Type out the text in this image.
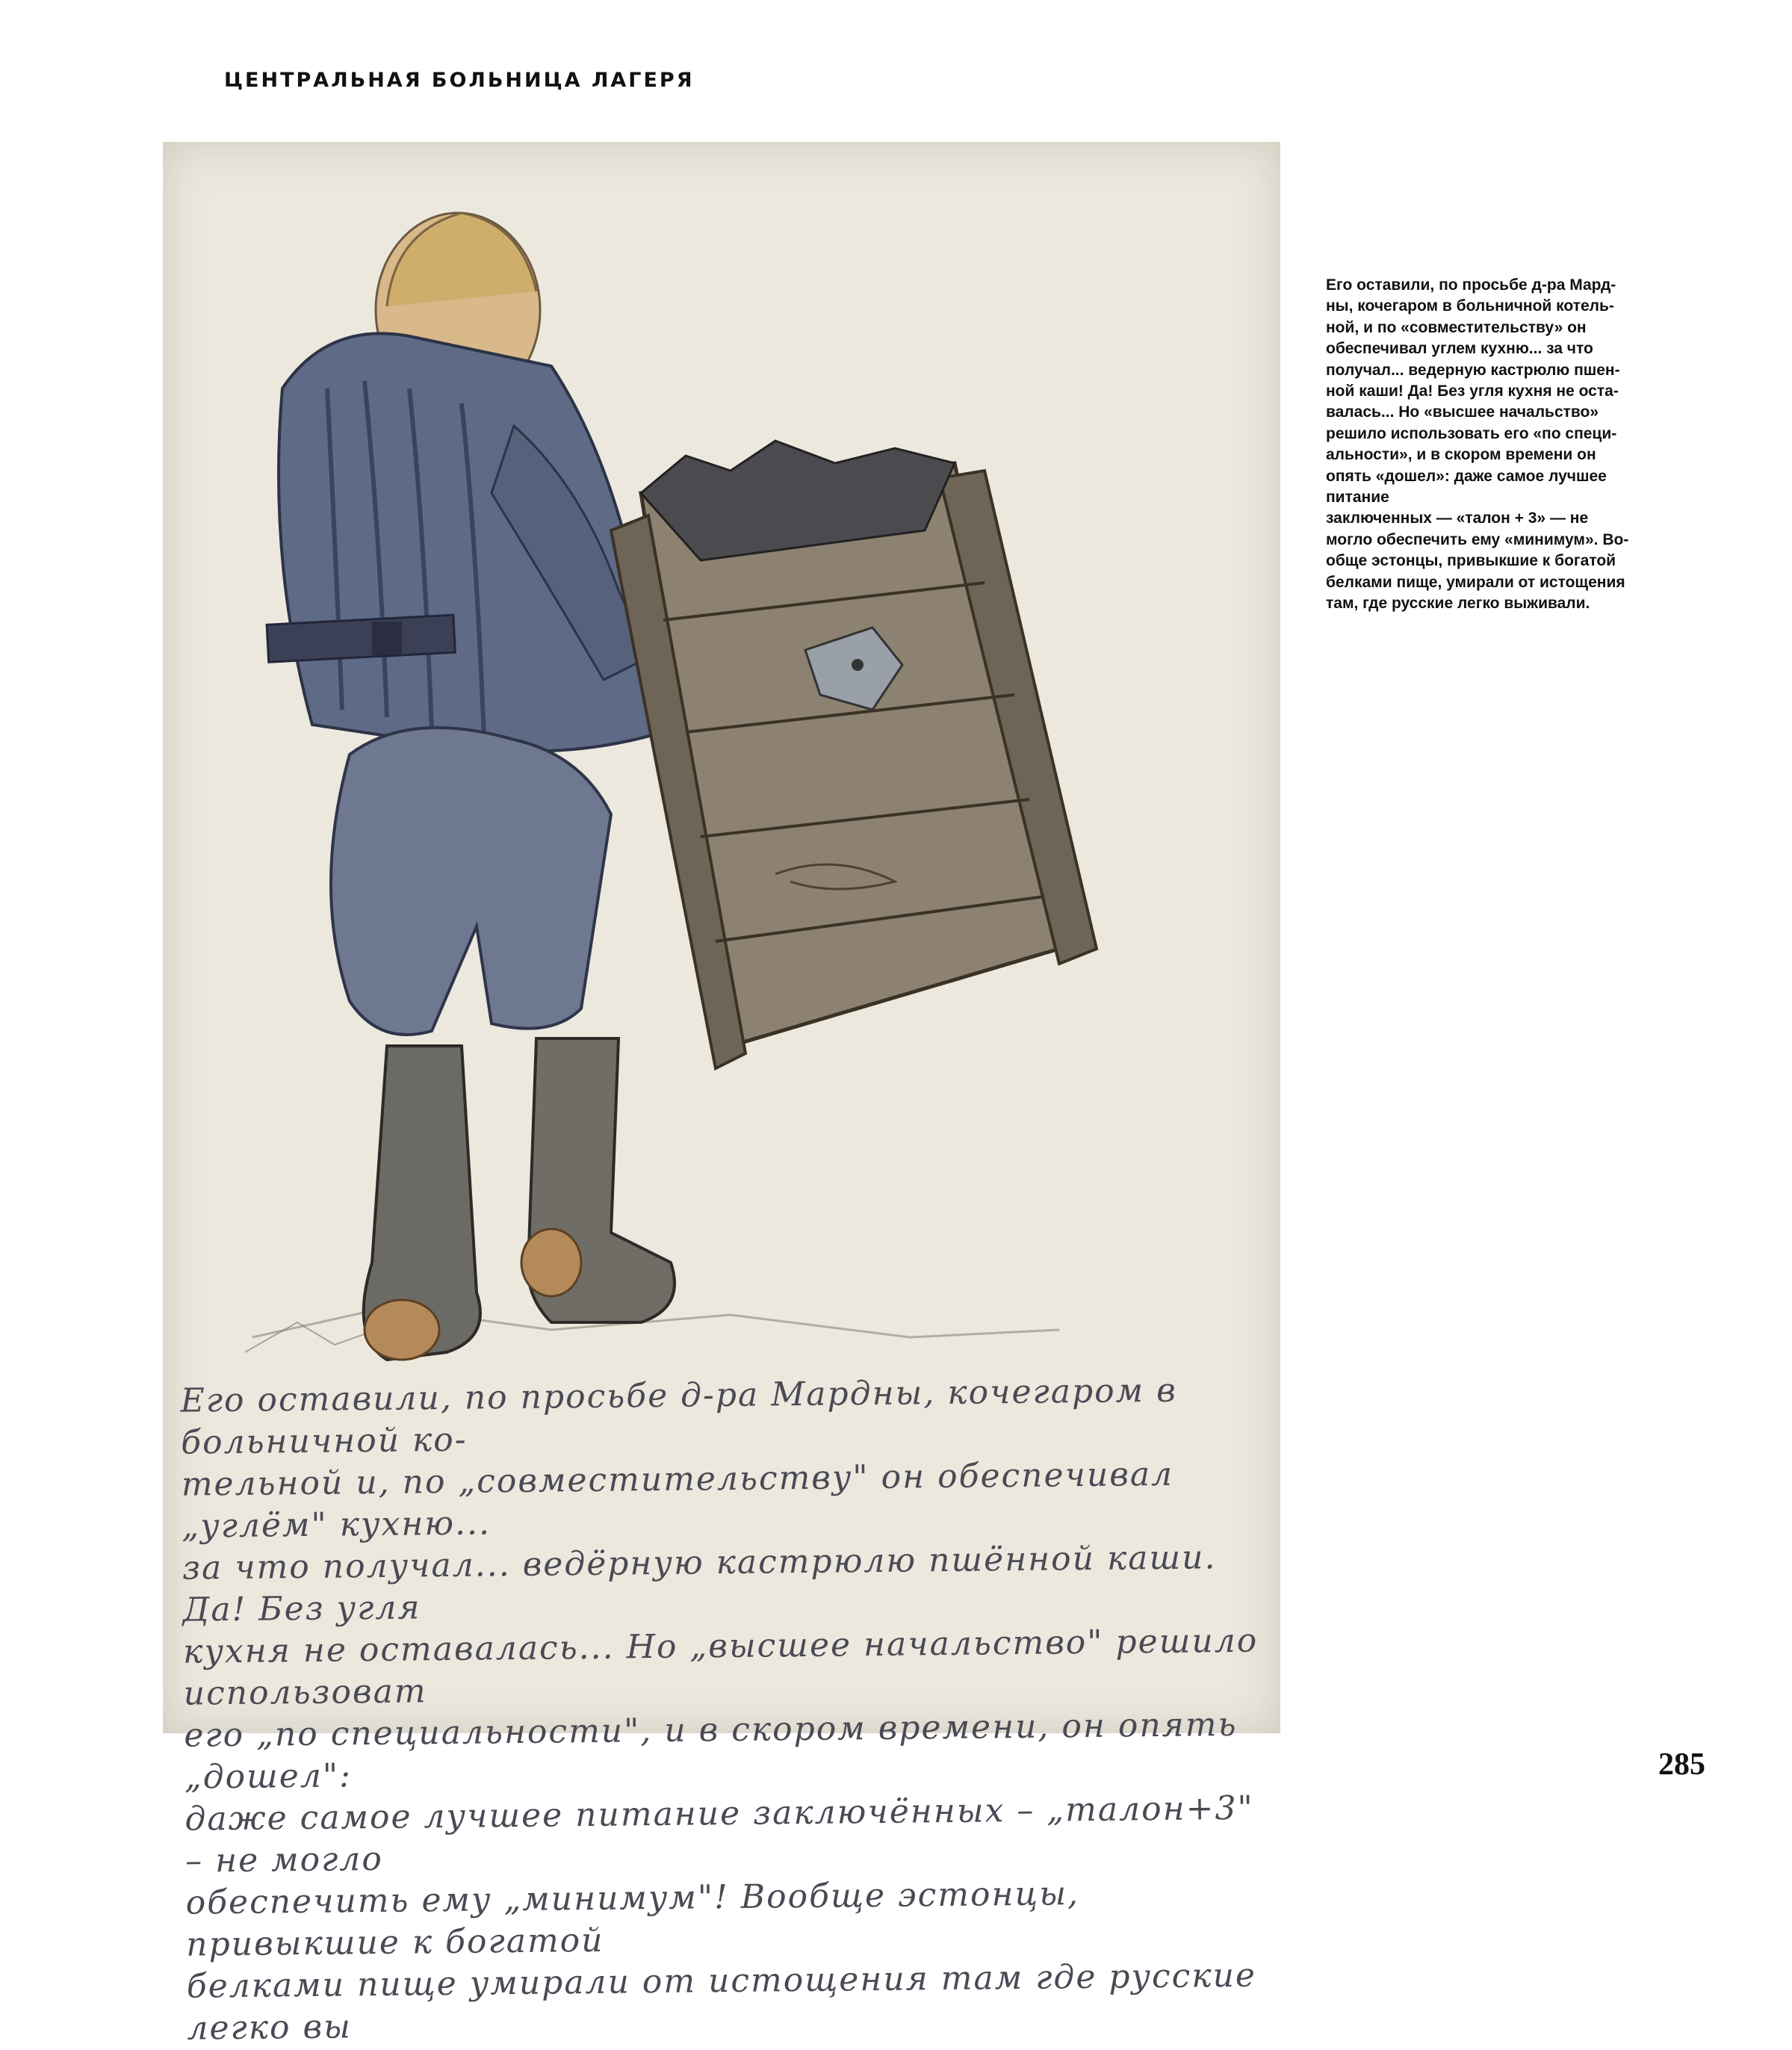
ЦЕНТРАЛЬНАЯ БОЛЬНИЦА ЛАГЕРЯ
Его оставили, по просьбе д-ра Мардны, кочегаром в больничной ко-
тельной и, по „совместительству" он обеспечивал „углём" кухню...
за что получал... ведёрную кастрюлю пшённой каши. Да! Без угля
кухня не оставалась... Но „высшее начальство" решило использоват
его „по специальности", и в скором времени, он опять „дошел":
даже самое лучшее питание заключённых – „талон+3" – не могло
обеспечить ему „минимум"! Вообще эстонцы, привыкшие к богатой
белками пище умирали от истощения там где русские легко вы
Его оставили, по просьбе д-ра Мард-
ны, кочегаром в больничной котель-
ной, и по «совместительству» он
обеспечивал углем кухню... за что
получал... ведерную кастрюлю пшен-
ной каши! Да! Без угля кухня не оста-
валась... Но «высшее начальство»
решило использовать его «по специ-
альности», и в скором времени он
опять «дошел»: даже самое лучшее
питание
заключенных — «талон + 3» — не
могло обеспечить ему «минимум». Во-
обще эстонцы, привыкшие к богатой
белками пище, умирали от истощения
там, где русские легко выживали.
285
